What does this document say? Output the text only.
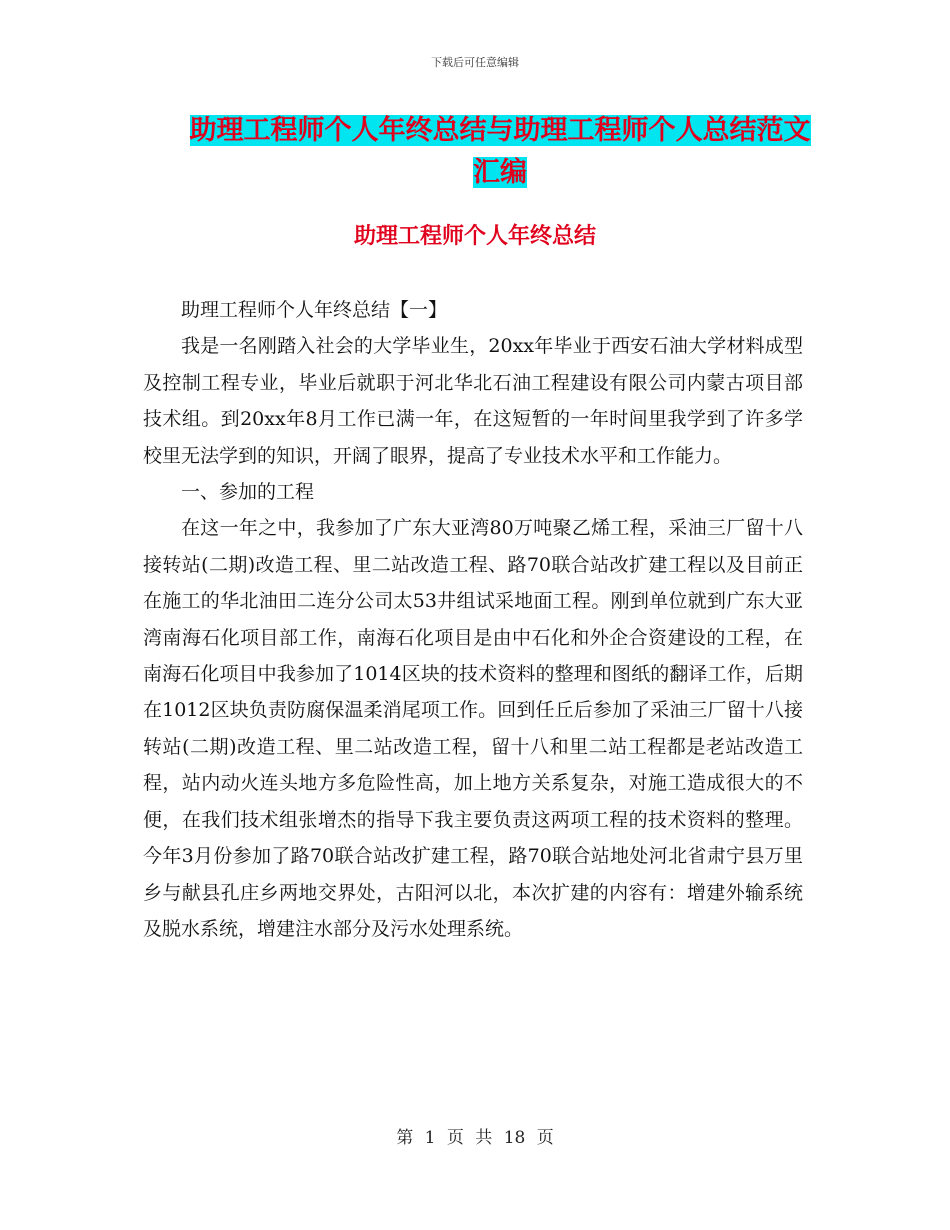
下载后可任意编辑
助理工程师个人年终总结与助理工程师个人总结范文
汇编
助理工程师个人年终总结

助理工程师个人年终总结【一】

我是一名刚踏入社会的大学毕业生，20xx年毕业于西安石油大学材料成型及控制工程专业，毕业后就职于河北华北石油工程建设有限公司内蒙古项目部技术组。到20xx年8月工作已满一年，在这短暂的一年时间里我学到了许多学校里无法学到的知识，开阔了眼界，提高了专业技术水平和工作能力。

一、参加的工程

在这一年之中，我参加了广东大亚湾80万吨聚乙烯工程，采油三厂留十八接转站(二期)改造工程、里二站改造工程、路70联合站改扩建工程以及目前正在施工的华北油田二连分公司太53井组试采地面工程。刚到单位就到广东大亚湾南海石化项目部工作，南海石化项目是由中石化和外企合资建设的工程，在南海石化项目中我参加了1014区块的技术资料的整理和图纸的翻译工作，后期在1012区块负责防腐保温柔消尾项工作。回到任丘后参加了采油三厂留十八接转站(二期)改造工程、里二站改造工程，留十八和里二站工程都是老站改造工程，站内动火连头地方多危险性高，加上地方关系复杂，对施工造成很大的不便，在我们技术组张增杰的指导下我主要负责这两项工程的技术资料的整理。今年3月份参加了路70联合站改扩建工程，路70联合站地处河北省肃宁县万里乡与献县孔庄乡两地交界处，古阳河以北，本次扩建的内容有：增建外输系统及脱水系统，增建注水部分及污水处理系统。

第 1 页 共 18 页
